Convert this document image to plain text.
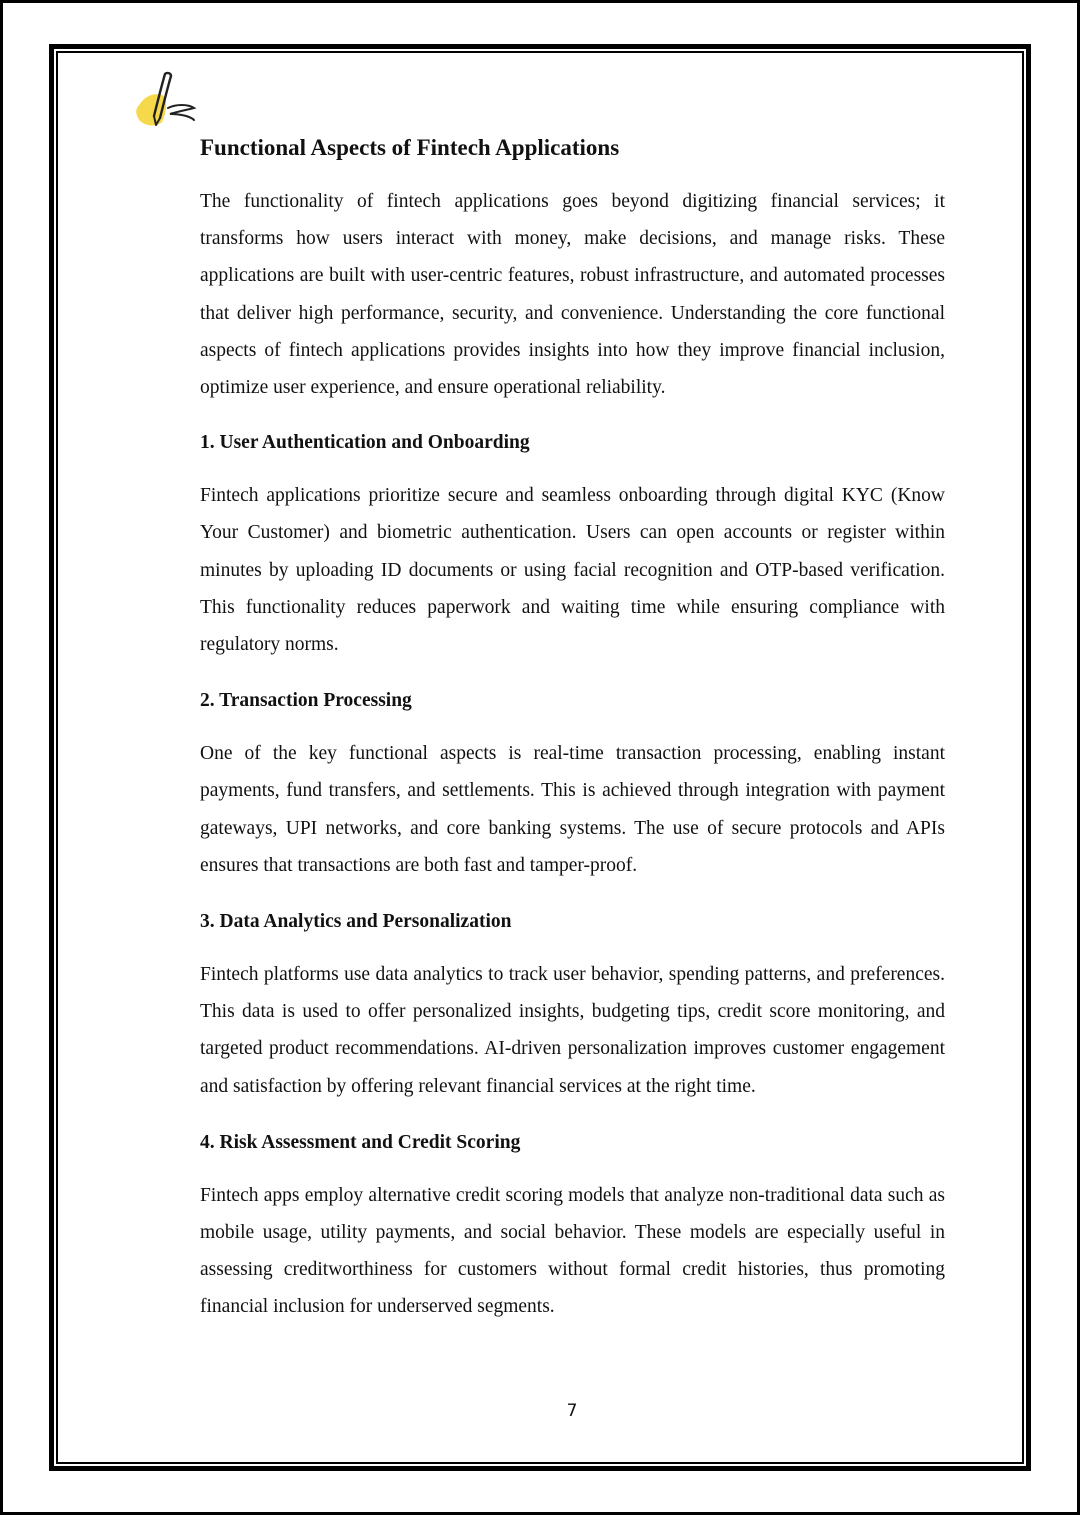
Functional Aspects of Fintech Applications

The functionality of fintech applications goes beyond digitizing financial services; it transforms how users interact with money, make decisions, and manage risks. These applications are built with user-centric features, robust infrastructure, and automated processes that deliver high performance, security, and convenience. Understanding the core functional aspects of fintech applications provides insights into how they improve financial inclusion, optimize user experience, and ensure operational reliability.

1. User Authentication and Onboarding

Fintech applications prioritize secure and seamless onboarding through digital KYC (Know Your Customer) and biometric authentication. Users can open accounts or register within minutes by uploading ID documents or using facial recognition and OTP-based verification. This functionality reduces paperwork and waiting time while ensuring compliance with regulatory norms.

2. Transaction Processing

One of the key functional aspects is real-time transaction processing, enabling instant payments, fund transfers, and settlements. This is achieved through integration with payment gateways, UPI networks, and core banking systems. The use of secure protocols and APIs ensures that transactions are both fast and tamper-proof.

3. Data Analytics and Personalization

Fintech platforms use data analytics to track user behavior, spending patterns, and preferences. This data is used to offer personalized insights, budgeting tips, credit score monitoring, and targeted product recommendations. AI-driven personalization improves customer engagement and satisfaction by offering relevant financial services at the right time.

4. Risk Assessment and Credit Scoring

Fintech apps employ alternative credit scoring models that analyze non-traditional data such as mobile usage, utility payments, and social behavior. These models are especially useful in assessing creditworthiness for customers without formal credit histories, thus promoting financial inclusion for underserved segments.

7
